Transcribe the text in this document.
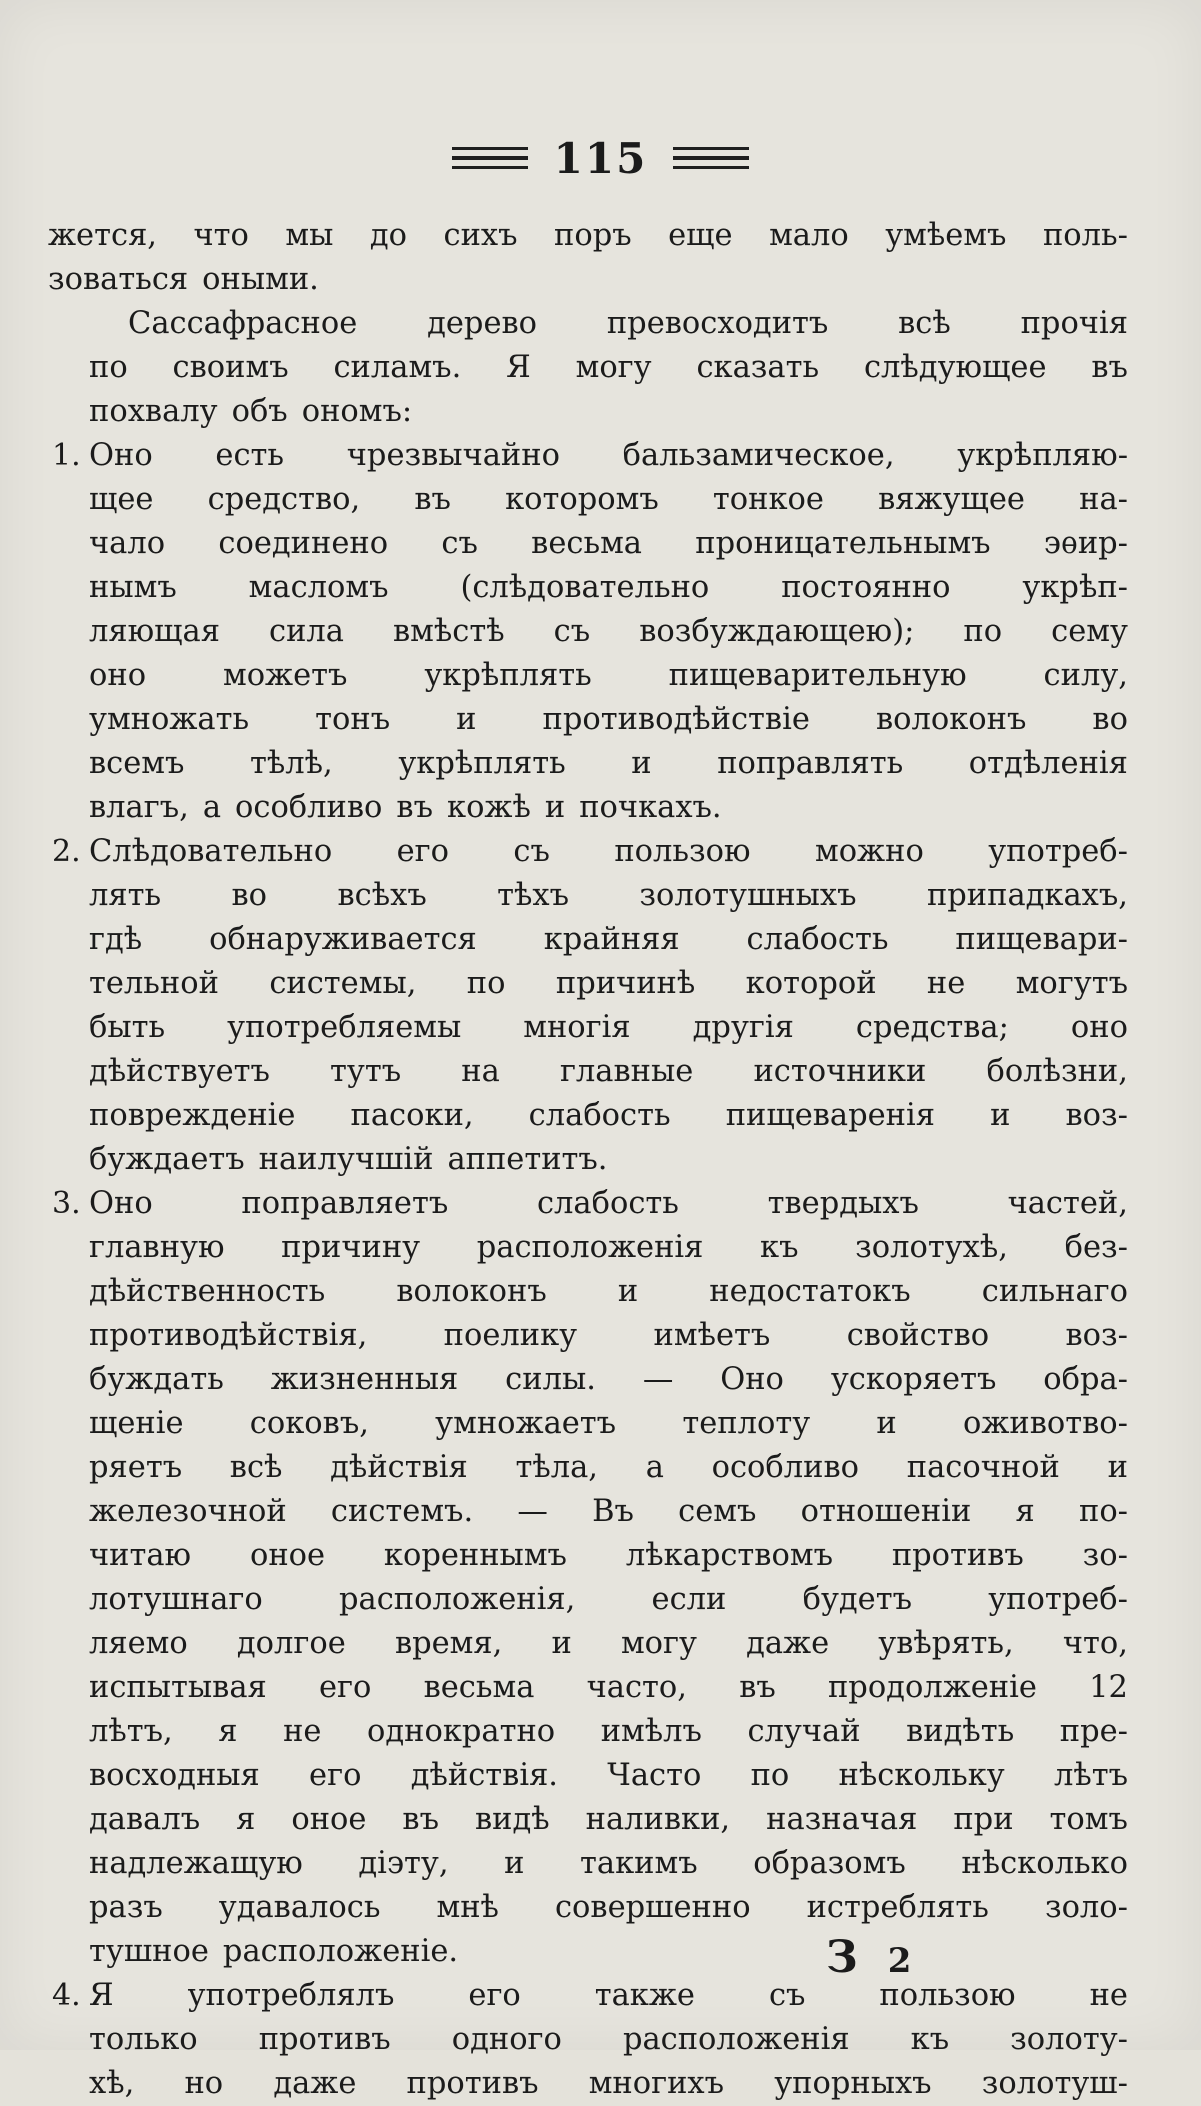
115
жется, что мы до сихъ поръ еще мало умѣемъ поль-
зоваться оными.
Сассафрасное дерево превосходитъ всѣ прочія
по своимъ силамъ. Я могу сказать слѣдующее въ
похвалу объ ономъ:
1. Оно есть чрезвычайно бальзамическое, укрѣпляю-
щее средство, въ которомъ тонкое вяжущее на-
чало соединено съ весьма проницательнымъ эѳир-
нымъ масломъ (слѣдовательно постоянно укрѣп-
ляющая сила вмѣстѣ съ возбуждающею); по сему
оно	можетъ	укрѣплять	пищеварительную	силу,
умножать тонъ и противодѣйствіе волоконъ во
всемъ тѣлѣ, укрѣплять и поправлять отдѣленія
влагъ, а особливо въ кожѣ и почкахъ.
2. Слѣдовательно его съ пользою можно употреб-
лять во всѣхъ тѣхъ золотушныхъ припадкахъ,
гдѣ обнаруживается крайняя слабость пищевари-
тельной системы, по причинѣ которой не могутъ
быть употребляемы многія другія средства; оно
дѣйствуетъ тутъ на главные источники болѣзни,
поврежденіе пасоки, слабость пищеваренія и воз-
буждаетъ наилучшій аппетитъ.
3. Оно	поправляетъ	слабость	твердыхъ	частей,
главную причину расположенія къ золотухѣ, без-
дѣйственность волоконъ и недостатокъ сильнаго
противодѣйствія,	поелику	имѣетъ	свойство	воз-
буждать жизненныя силы. — Оно ускоряетъ обра-
щеніе соковъ, умножаетъ теплоту и оживотво-
ряетъ всѣ дѣйствія тѣла, а особливо пасочной и
железочной системъ. — Въ семъ отношеніи я по-
читаю оное кореннымъ лѣкарствомъ противъ зо-
лотушнаго расположенія, если будетъ употреб-
ляемо долгое время, и могу даже увѣрять, что,
испытывая его весьма часто, въ продолженіе 12
лѣтъ, я не однократно имѣлъ случай видѣть пре-
восходныя его дѣйствія. Часто по нѣскольку лѣтъ
давалъ я оное въ видѣ наливки, назначая при томъ
надлежащую діэту, и такимъ образомъ нѣсколько
разъ удавалось мнѣ совершенно истреблять золо-
тушное расположеніе.
4. Я употреблялъ его также съ пользою не
только противъ одного расположенія къ золоту-
хѣ, но даже противъ многихъ упорныхъ золотуш-
З 2
